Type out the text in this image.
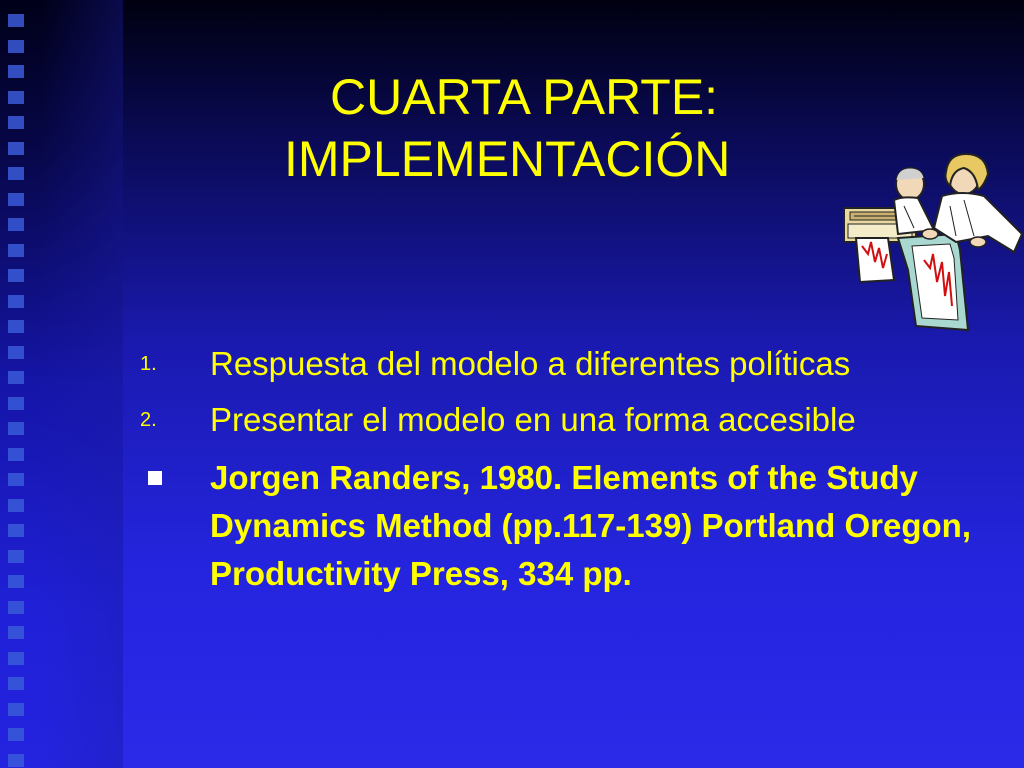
CUARTA PARTE:
IMPLEMENTACIÓN
1.	Respuesta del modelo a diferentes políticas
2.	Presentar el modelo en una forma accesible
Jorgen Randers, 1980. Elements of the Study Dynamics Method (pp.117-139) Portland Oregon, Productivity Press, 334 pp.
